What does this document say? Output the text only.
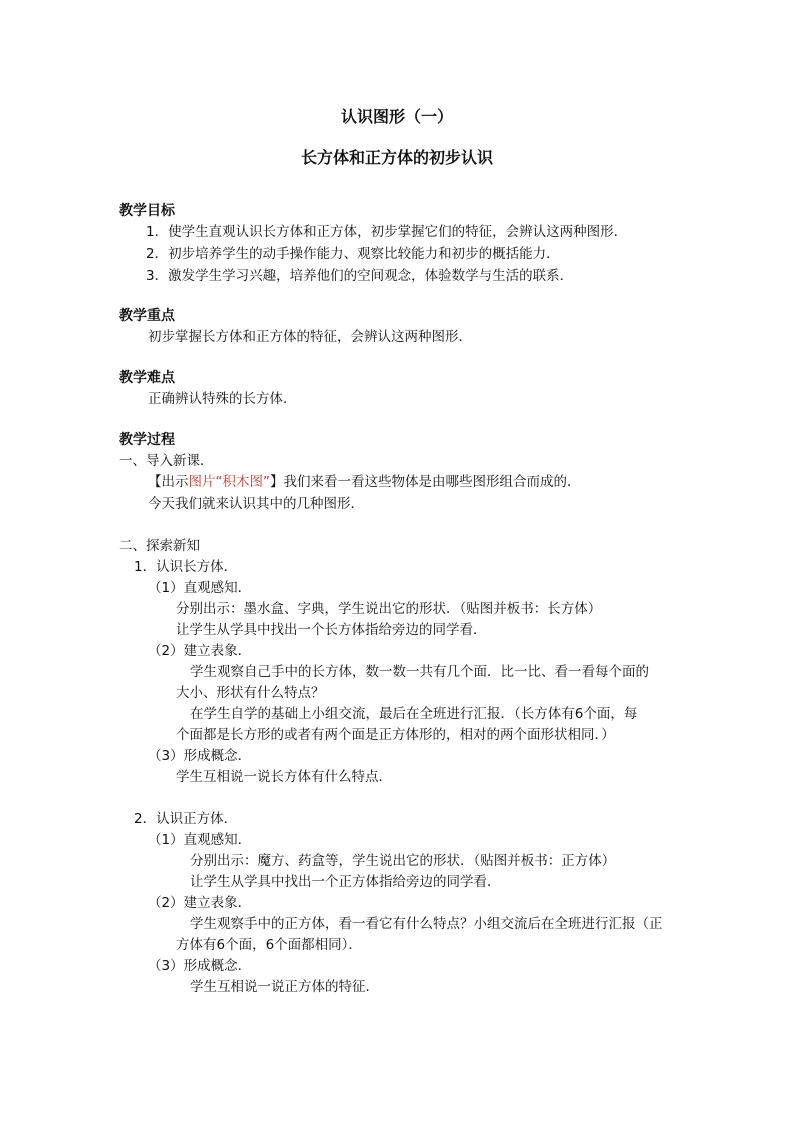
认识图形（一）
长方体和正方体的初步认识
教学目标
1．使学生直观认识长方体和正方体，初步掌握它们的特征，会辨认这两种图形．
2．初步培养学生的动手操作能力、观察比较能力和初步的概括能力．
3．激发学生学习兴趣，培养他们的空间观念，体验数学与生活的联系．
教学重点
初步掌握长方体和正方体的特征，会辨认这两种图形．
教学难点
正确辨认特殊的长方体．
教学过程
一、导入新课．
【出示图片“积木图”】我们来看一看这些物体是由哪些图形组合而成的．
今天我们就来认识其中的几种图形．
二、探索新知
1．认识长方体．
（1）直观感知．
分别出示：墨水盒、字典，学生说出它的形状．（贴图并板书：长方体）
让学生从学具中找出一个长方体指给旁边的同学看．
（2）建立表象．
学生观察自己手中的长方体，数一数一共有几个面．比一比、看一看每个面的
大小、形状有什么特点？
在学生自学的基础上小组交流，最后在全班进行汇报．（长方体有6个面，每
个面都是长方形的或者有两个面是正方体形的，相对的两个面形状相同．）
（3）形成概念．
学生互相说一说长方体有什么特点．
2．认识正方体．
（1）直观感知．
分别出示：魔方、药盒等，学生说出它的形状．（贴图并板书：正方体）
让学生从学具中找出一个正方体指给旁边的同学看．
（2）建立表象．
学生观察手中的正方体，看一看它有什么特点？小组交流后在全班进行汇报（正
方体有6个面，6个面都相同）．
（3）形成概念．
学生互相说一说正方体的特征．
